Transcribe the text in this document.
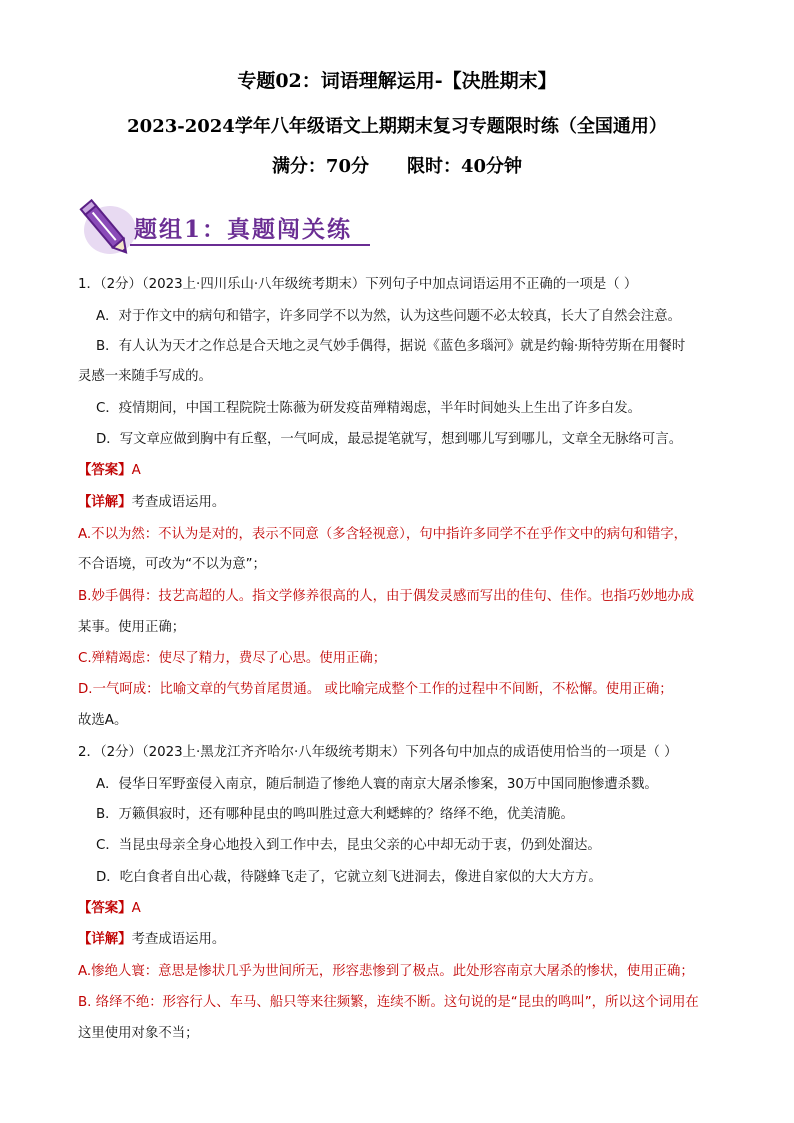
专题02：词语理解运用-【决胜期末】
2023-2024学年八年级语文上期期末复习专题限时练（全国通用）
满分：70分 限时：40分钟
题组1：真题闯关练
1．（2分）（2023上·四川乐山·八年级统考期末）下列句子中加点词语运用不正确的一项是（ ）
A．对于作文中的病句和错字，许多同学不以为然，认为这些问题不必太较真，长大了自然会注意。
B．有人认为天才之作总是合天地之灵气妙手偶得，据说《蓝色多瑙河》就是约翰·斯特劳斯在用餐时
灵感一来随手写成的。
C．疫情期间，中国工程院院士陈薇为研发疫苗殚精竭虑，半年时间她头上生出了许多白发。
D．写文章应做到胸中有丘壑，一气呵成，最忌提笔就写，想到哪儿写到哪儿，文章全无脉络可言。
【答案】A
【详解】考查成语运用。
A.不以为然：不认为是对的，表示不同意（多含轻视意），句中指许多同学不在乎作文中的病句和错字，
不合语境，可改为“不以为意”；
B.妙手偶得：技艺高超的人。指文学修养很高的人，由于偶发灵感而写出的佳句、佳作。也指巧妙地办成
某事。使用正确；
C.殚精竭虑：使尽了精力，费尽了心思。使用正确；
D.一气呵成：比喻文章的气势首尾贯通。 或比喻完成整个工作的过程中不间断，不松懈。使用正确；
故选A。
2．（2分）（2023上·黑龙江齐齐哈尔·八年级统考期末）下列各句中加点的成语使用恰当的一项是（ ）
A．侵华日军野蛮侵入南京，随后制造了惨绝人寰的南京大屠杀惨案，30万中国同胞惨遭杀戮。
B．万籁俱寂时，还有哪种昆虫的鸣叫胜过意大利蟋蟀的？络绎不绝，优美清脆。
C．当昆虫母亲全身心地投入到工作中去，昆虫父亲的心中却无动于衷，仍到处溜达。
D．吃白食者自出心裁，待隧蜂飞走了，它就立刻飞进洞去，像进自家似的大大方方。
【答案】A
【详解】考查成语运用。
A.惨绝人寰：意思是惨状几乎为世间所无，形容悲惨到了极点。此处形容南京大屠杀的惨状，使用正确；
B. 络绎不绝：形容行人、车马、船只等来往频繁，连续不断。这句说的是“昆虫的鸣叫”，所以这个词用在
这里使用对象不当；
